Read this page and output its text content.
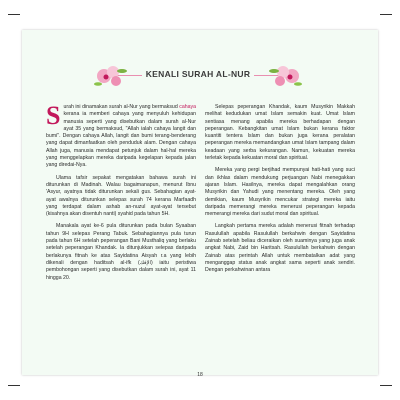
KENALI SURAH AL-NUR

Surah ini dinamakan surah al-Nur yang bermaksud cahaya kerana ia memberi cahaya yang menyuluh kehidupan manusia seperti yang disebutkan dalam surah al-Nur ayat 35 yang bermaksud, "Allah ialah cahaya langit dan bumi". Dengan cahaya Allah, langit dan bumi terang-benderang yang dapat dimanfaatkan oleh penduduk alam. Dengan cahaya Allah juga, manusia mendapat petunjuk dalam hal-hal mereka yang menggelapkan mereka daripada kegelapan kepada jalan yang diredai-Nya.

Ulama tafsir sepakat mengatakan bahawa surah ini diturunkan di Madinah. Walau bagaimanapun, menurut Ibnu 'Asyur, ayatnya tidak diturunkan sekali gus. Sebahagian ayat-ayat awalnya diturunkan selepas surah 74 kerana Marfaadh yang terdapat dalam ashab an-nuzul ayat-ayat tersebut (kisahnya akan disentuh nanti) syahid pada tahun 5H.

Manakala ayat ke-6 pula diturunkan pada bulan Syaaban tahun 9H selepas Perang Tabuk. Sebahagiannya pula turun pada tahun 6H setelah peperangan Bani Musthaliq yang berlaku setelah peperangan Khandak. Ia ditunjukkan selepas daripada berlakunya fitnah ke atas Sayidatina Aisyah r.a yang lebih dikenali dengan haditsah al-ifk (الإفك) iaitu peristiwa pembohongan seperti yang disebutkan dalam surah ini, ayat 11 hingga 20.

Selepas peperangan Khandak, kaum Musyrikin Makkah melihat kedudukan umat Islam semakin kuat. Umat Islam sentiasa menang apabila mereka berhadapan dengan peperangan. Kebangkitan umat Islam bukan kerana faktor kuantiti tentera Islam dan bukan juga kerana peralatan peperangan mereka memandangkan umat Islam tampang dalam keadaan yang serba kekurangan. Namun, kekuatan mereka terletak kepada kekuatan moral dan spiritual.

Mereka yang pergi berjihad mempunyai hati-hati yang suci dan ikhlas dalam mendukung perjuangan Nabi menegakkan ajaran Islam. Hasilnya, mereka dapat mengalahkan orang Musyrikin dan Yahudi yang menentang mereka. Oleh yang demikian, kaum Musyrikin mencukar strategi mereka iaitu daripada memerangi mereka menerusi peperangan kepada memerangi mereka dari sudut moral dan spiritual.

Langkah pertama mereka adalah menerusi fitnah terhadap Rasulullah apabila Rasulullah berkahwin dengan Sayidatina Zainab setelah beliau diceraikan oleh suaminya yang juga anak angkat Nabi, Zaid bin Haritsah. Rasulullah berkahwin dengan Zainab atas perintah Allah untuk membatalkan adat yang menganggap status anak angkat sama seperti anak sendiri. Dengan perkahwinan antara

18
